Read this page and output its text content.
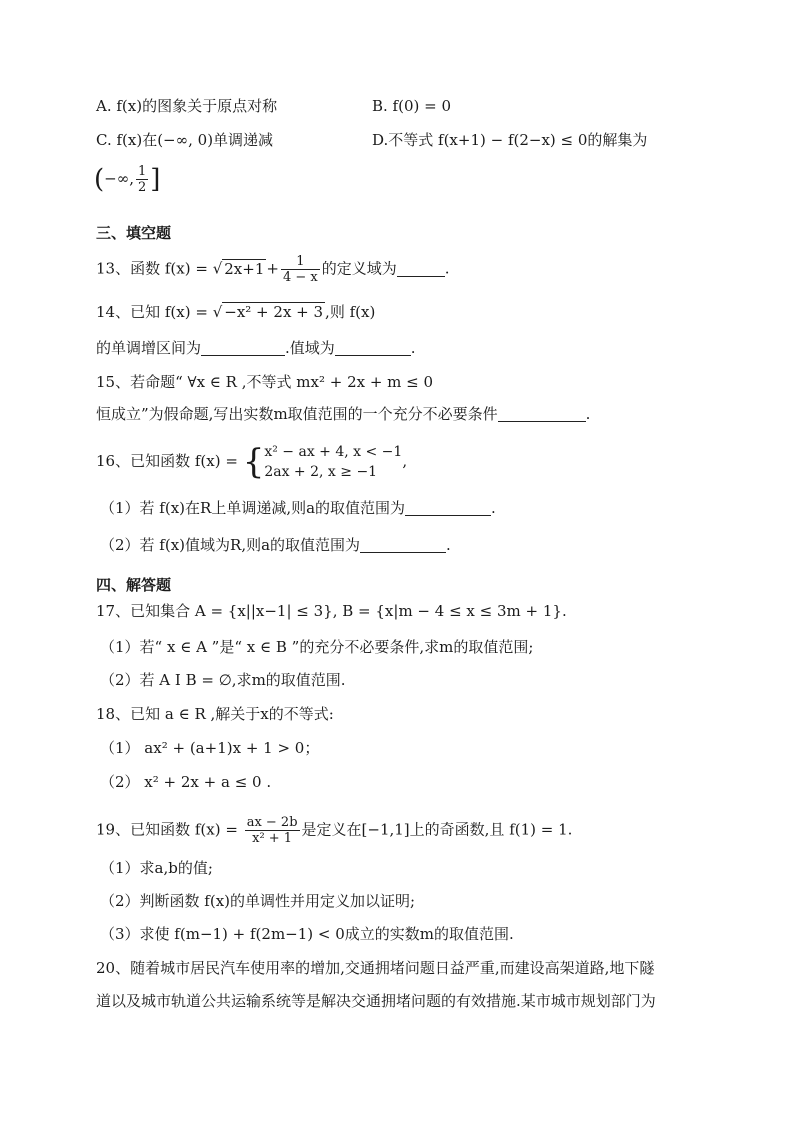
A. f(x)的图象关于原点对称	B. f(0) = 0
C. f(x)在(−∞, 0)单调递减	D.不等式 f(x+1) − f(2−x) ≤ 0的解集为
(−∞, $\frac{1}{2}$ ]
三、填空题
13、函数 f(x) = √ $2x+1 + \frac{1}{4 - x}$ 的定义域为	.
14、已知 f(x) = √ −x² + 2x + 3 ,则 f(x)
的单调增区间为	.值域为	.
15、若命题“ ∀x ∈ R ,不等式 mx² + 2x + m ≤ 0
恒成立”为假命题,写出实数m取值范围的一个充分不必要条件	.
16、已知函数 f(x) = { x² − ax + 4, x < −1
2ax + 2, x ≥ −1
,
（1）若 f(x)在R上单调递减,则a的取值范围为	.
（2）若 f(x)值域为R,则a的取值范围为	.
四、解答题
17、已知集合 A = {x||x−1| ≤ 3}, B = {x|m − 4 ≤ x ≤ 3m + 1}.
（1）若“ x ∈ A ”是“ x ∈ B ”的充分不必要条件,求m的取值范围;
（2）若 A I B = ∅,求m的取值范围.
18、已知 a ∈ R ,解关于x的不等式:
（1） ax² + (a+1)x + 1 > 0；
（2） x² + 2x + a ≤ 0 .
19、已知函数 $f(x) = \frac{ax - 2b}{\text{x² + 1}}$ 是定义在[−1,1]上的奇函数,且 f(1) = 1.
（1）求a,b的值;
（2）判断函数 f(x)的单调性并用定义加以证明;
（3）求使 f(m−1) + f(2m−1) < 0成立的实数m的取值范围.
20、随着城市居民汽车使用率的增加,交通拥堵问题日益严重,而建设高架道路,地下隧
道以及城市轨道公共运输系统等是解决交通拥堵问题的有效措施.某市城市规划部门为
